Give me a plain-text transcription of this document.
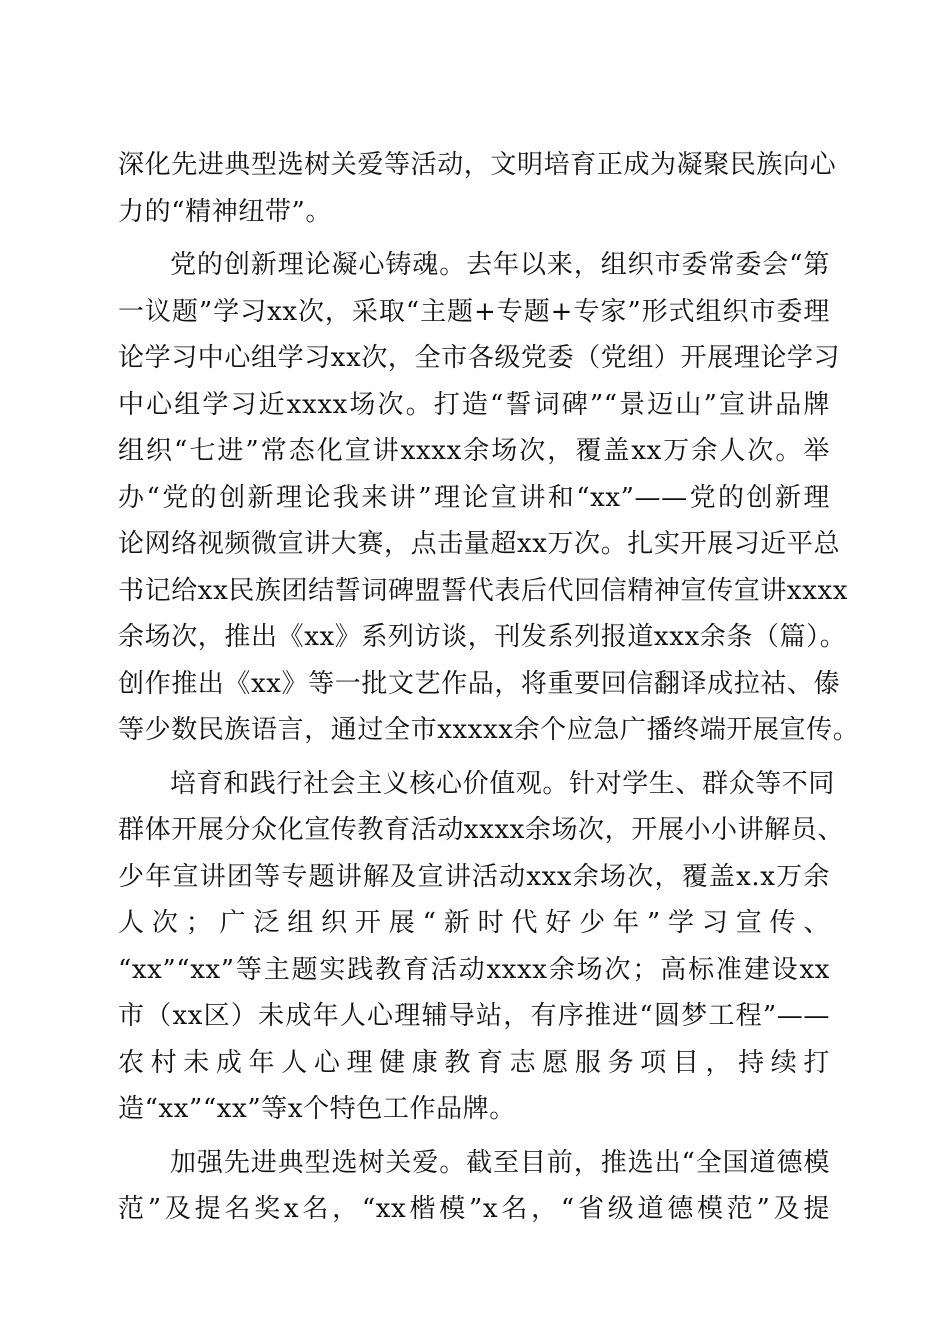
深化先进典型选树关爱等活动，文明培育正成为凝聚民族向心
力的“精神纽带”。
党的创新理论凝心铸魂。去年以来，组织市委常委会“第
一议题”学习xx次，采取“主题+专题+专家”形式组织市委理
论学习中心组学习xx次，全市各级党委（党组）开展理论学习
中心组学习近xxxx场次。打造“誓词碑”“景迈山”宣讲品牌
组织“七进”常态化宣讲xxxx余场次，覆盖xx万余人次。举
办“党的创新理论我来讲”理论宣讲和“xx”——党的创新理
论网络视频微宣讲大赛，点击量超xx万次。扎实开展习近平总
书记给xx民族团结誓词碑盟誓代表后代回信精神宣传宣讲xxxx
余场次，推出《xx》系列访谈，刊发系列报道xxx余条（篇）。
创作推出《xx》等一批文艺作品，将重要回信翻译成拉祜、傣
等少数民族语言，通过全市xxxxx余个应急广播终端开展宣传。
培育和践行社会主义核心价值观。针对学生、群众等不同
群体开展分众化宣传教育活动xxxx余场次，开展小小讲解员、
少年宣讲团等专题讲解及宣讲活动xxx余场次，覆盖x.x万余
人次；广泛组织开展“新时代好少年”学习宣传、
“xx”“xx”等主题实践教育活动xxxx余场次；高标准建设xx
市（xx区）未成年人心理辅导站，有序推进“圆梦工程”——
农村未成年人心理健康教育志愿服务项目，持续打
造“xx”“xx”等x个特色工作品牌。
加强先进典型选树关爱。截至目前，推选出“全国道德模
范”及提名奖x名，“xx楷模”x名，“省级道德模范”及提
